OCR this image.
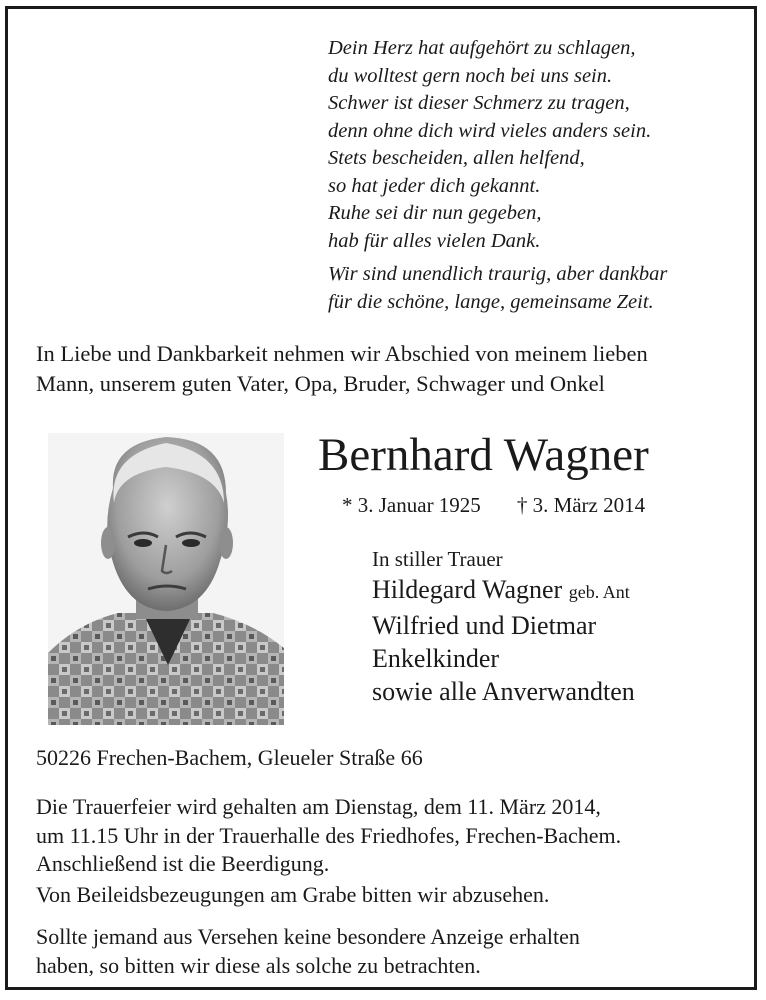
Dein Herz hat aufgehört zu schlagen,
du wolltest gern noch bei uns sein.
Schwer ist dieser Schmerz zu tragen,
denn ohne dich wird vieles anders sein.
Stets bescheiden, allen helfend,
so hat jeder dich gekannt.
Ruhe sei dir nun gegeben,
hab für alles vielen Dank.
Wir sind unendlich traurig, aber dankbar
für die schöne, lange, gemeinsame Zeit.
In Liebe und Dankbarkeit nehmen wir Abschied von meinem lieben
Mann, unserem guten Vater, Opa, Bruder, Schwager und Onkel
Bernhard Wagner
* 3. Januar 1925 † 3. März 2014
In stiller Trauer
Hildegard Wagner geb. Ant
Wilfried und Dietmar
Enkelkinder
sowie alle Anverwandten
50226 Frechen-Bachem, Gleueler Straße 66
Die Trauerfeier wird gehalten am Dienstag, dem 11. März 2014,
um 11.15 Uhr in der Trauerhalle des Friedhofes, Frechen-Bachem.
Anschließend ist die Beerdigung.
Von Beileidsbezeugungen am Grabe bitten wir abzusehen.
Sollte jemand aus Versehen keine besondere Anzeige erhalten
haben, so bitten wir diese als solche zu betrachten.
